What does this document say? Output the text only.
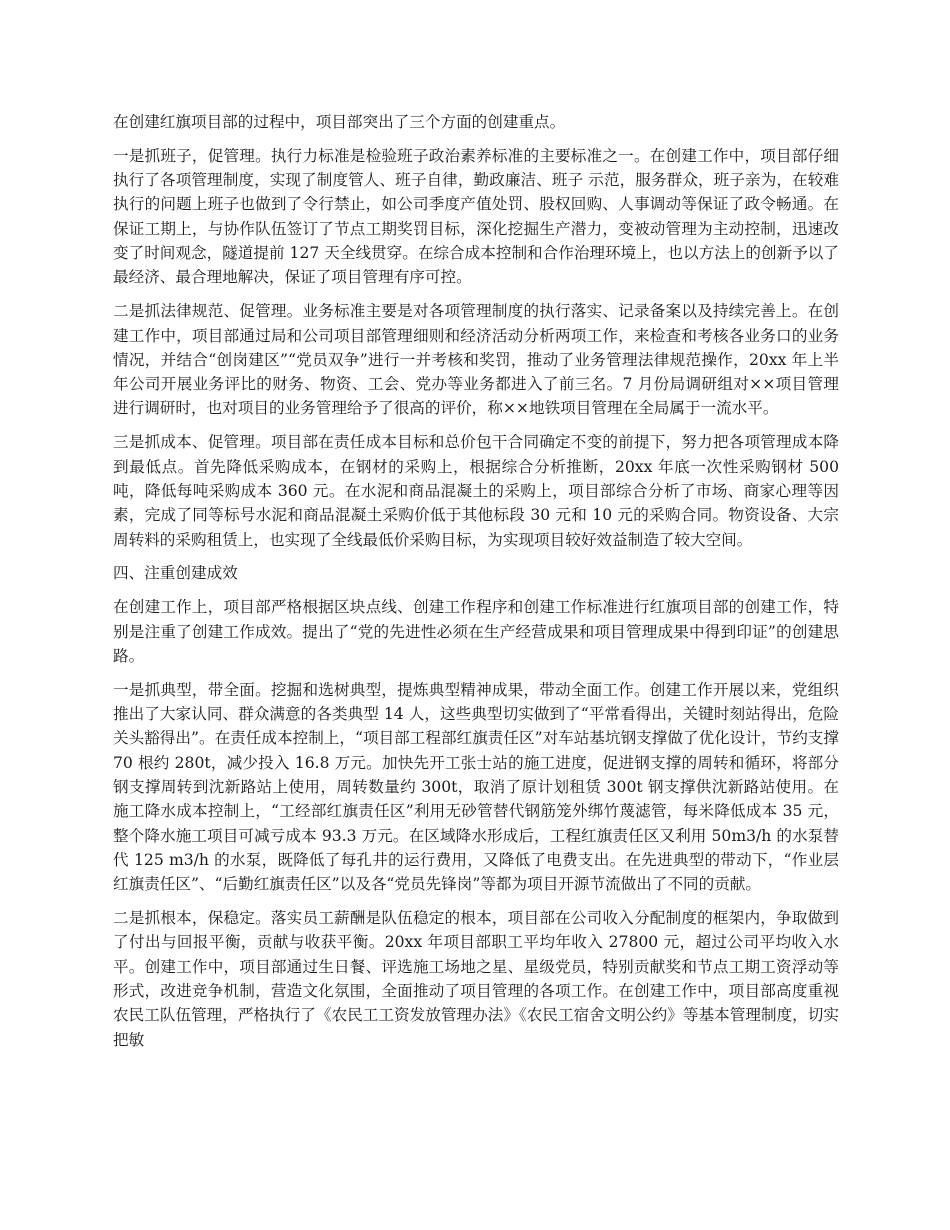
在创建红旗项目部的过程中，项目部突出了三个方面的创建重点。

一是抓班子，促管理。执行力标准是检验班子政治素养标准的主要标准之一。在创建工作中，项目部仔细执行了各项管理制度，实现了制度管人、班子自律，勤政廉洁、班子 示范，服务群众，班子亲为，在较难执行的问题上班子也做到了令行禁止，如公司季度产值处罚、股权回购、人事调动等保证了政令畅通。在保证工期上，与协作队伍签订了节点工期奖罚目标，深化挖掘生产潜力，变被动管理为主动控制，迅速改变了时间观念，隧道提前 127 天全线贯穿。在综合成本控制和合作治理环境上，也以方法上的创新予以了最经济、最合理地解决，保证了项目管理有序可控。

二是抓法律规范、促管理。业务标准主要是对各项管理制度的执行落实、记录备案以及持续完善上。在创建工作中，项目部通过局和公司项目部管理细则和经济活动分析两项工作，来检查和考核各业务口的业务情况，并结合“创岗建区”“党员双争”进行一并考核和奖罚，推动了业务管理法律规范操作，20xx 年上半年公司开展业务评比的财务、物资、工会、党办等业务都进入了前三名。7 月份局调研组对××项目管理进行调研时，也对项目的业务管理给予了很高的评价，称××地铁项目管理在全局属于一流水平。

三是抓成本、促管理。项目部在责任成本目标和总价包干合同确定不变的前提下，努力把各项管理成本降到最低点。首先降低采购成本，在钢材的采购上，根据综合分析推断，20xx 年底一次性采购钢材 500 吨，降低每吨采购成本 360 元。在水泥和商品混凝土的采购上，项目部综合分析了市场、商家心理等因素，完成了同等标号水泥和商品混凝土采购价低于其他标段 30 元和 10 元的采购合同。物资设备、大宗周转料的采购租赁上，也实现了全线最低价采购目标，为实现项目较好效益制造了较大空间。

四、注重创建成效

在创建工作上，项目部严格根据区块点线、创建工作程序和创建工作标准进行红旗项目部的创建工作，特别是注重了创建工作成效。提出了“党的先进性必须在生产经营成果和项目管理成果中得到印证”的创建思路。

一是抓典型，带全面。挖掘和选树典型，提炼典型精神成果，带动全面工作。创建工作开展以来，党组织推出了大家认同、群众满意的各类典型 14 人，这些典型切实做到了“平常看得出，关键时刻站得出，危险关头豁得出”。在责任成本控制上，“项目部工程部红旗责任区”对车站基坑钢支撑做了优化设计，节约支撑 70 根约 280t，减少投入 16.8 万元。加快先开工张士站的施工进度，促进钢支撑的周转和循环，将部分钢支撑周转到沈新路站上使用，周转数量约 300t，取消了原计划租赁 300t 钢支撑供沈新路站使用。在施工降水成本控制上，“工经部红旗责任区”利用无砂管替代钢筋笼外绑竹蔑滤管，每米降低成本 35 元，整个降水施工项目可减亏成本 93.3 万元。在区域降水形成后，工程红旗责任区又利用 50m3/h 的水泵替代 125 m3/h 的水泵，既降低了每孔井的运行费用，又降低了电费支出。在先进典型的带动下，“作业层红旗责任区”、“后勤红旗责任区”以及各“党员先锋岗”等都为项目开源节流做出了不同的贡献。

二是抓根本，保稳定。落实员工薪酬是队伍稳定的根本，项目部在公司收入分配制度的框架内，争取做到了付出与回报平衡，贡献与收获平衡。20xx 年项目部职工平均年收入 27800 元，超过公司平均收入水平。创建工作中，项目部通过生日餐、评选施工场地之星、星级党员，特别贡献奖和节点工期工资浮动等形式，改进竞争机制，营造文化氛围，全面推动了项目管理的各项工作。在创建工作中，项目部高度重视农民工队伍管理，严格执行了《农民工工资发放管理办法》《农民工宿舍文明公约》等基本管理制度，切实把敏
